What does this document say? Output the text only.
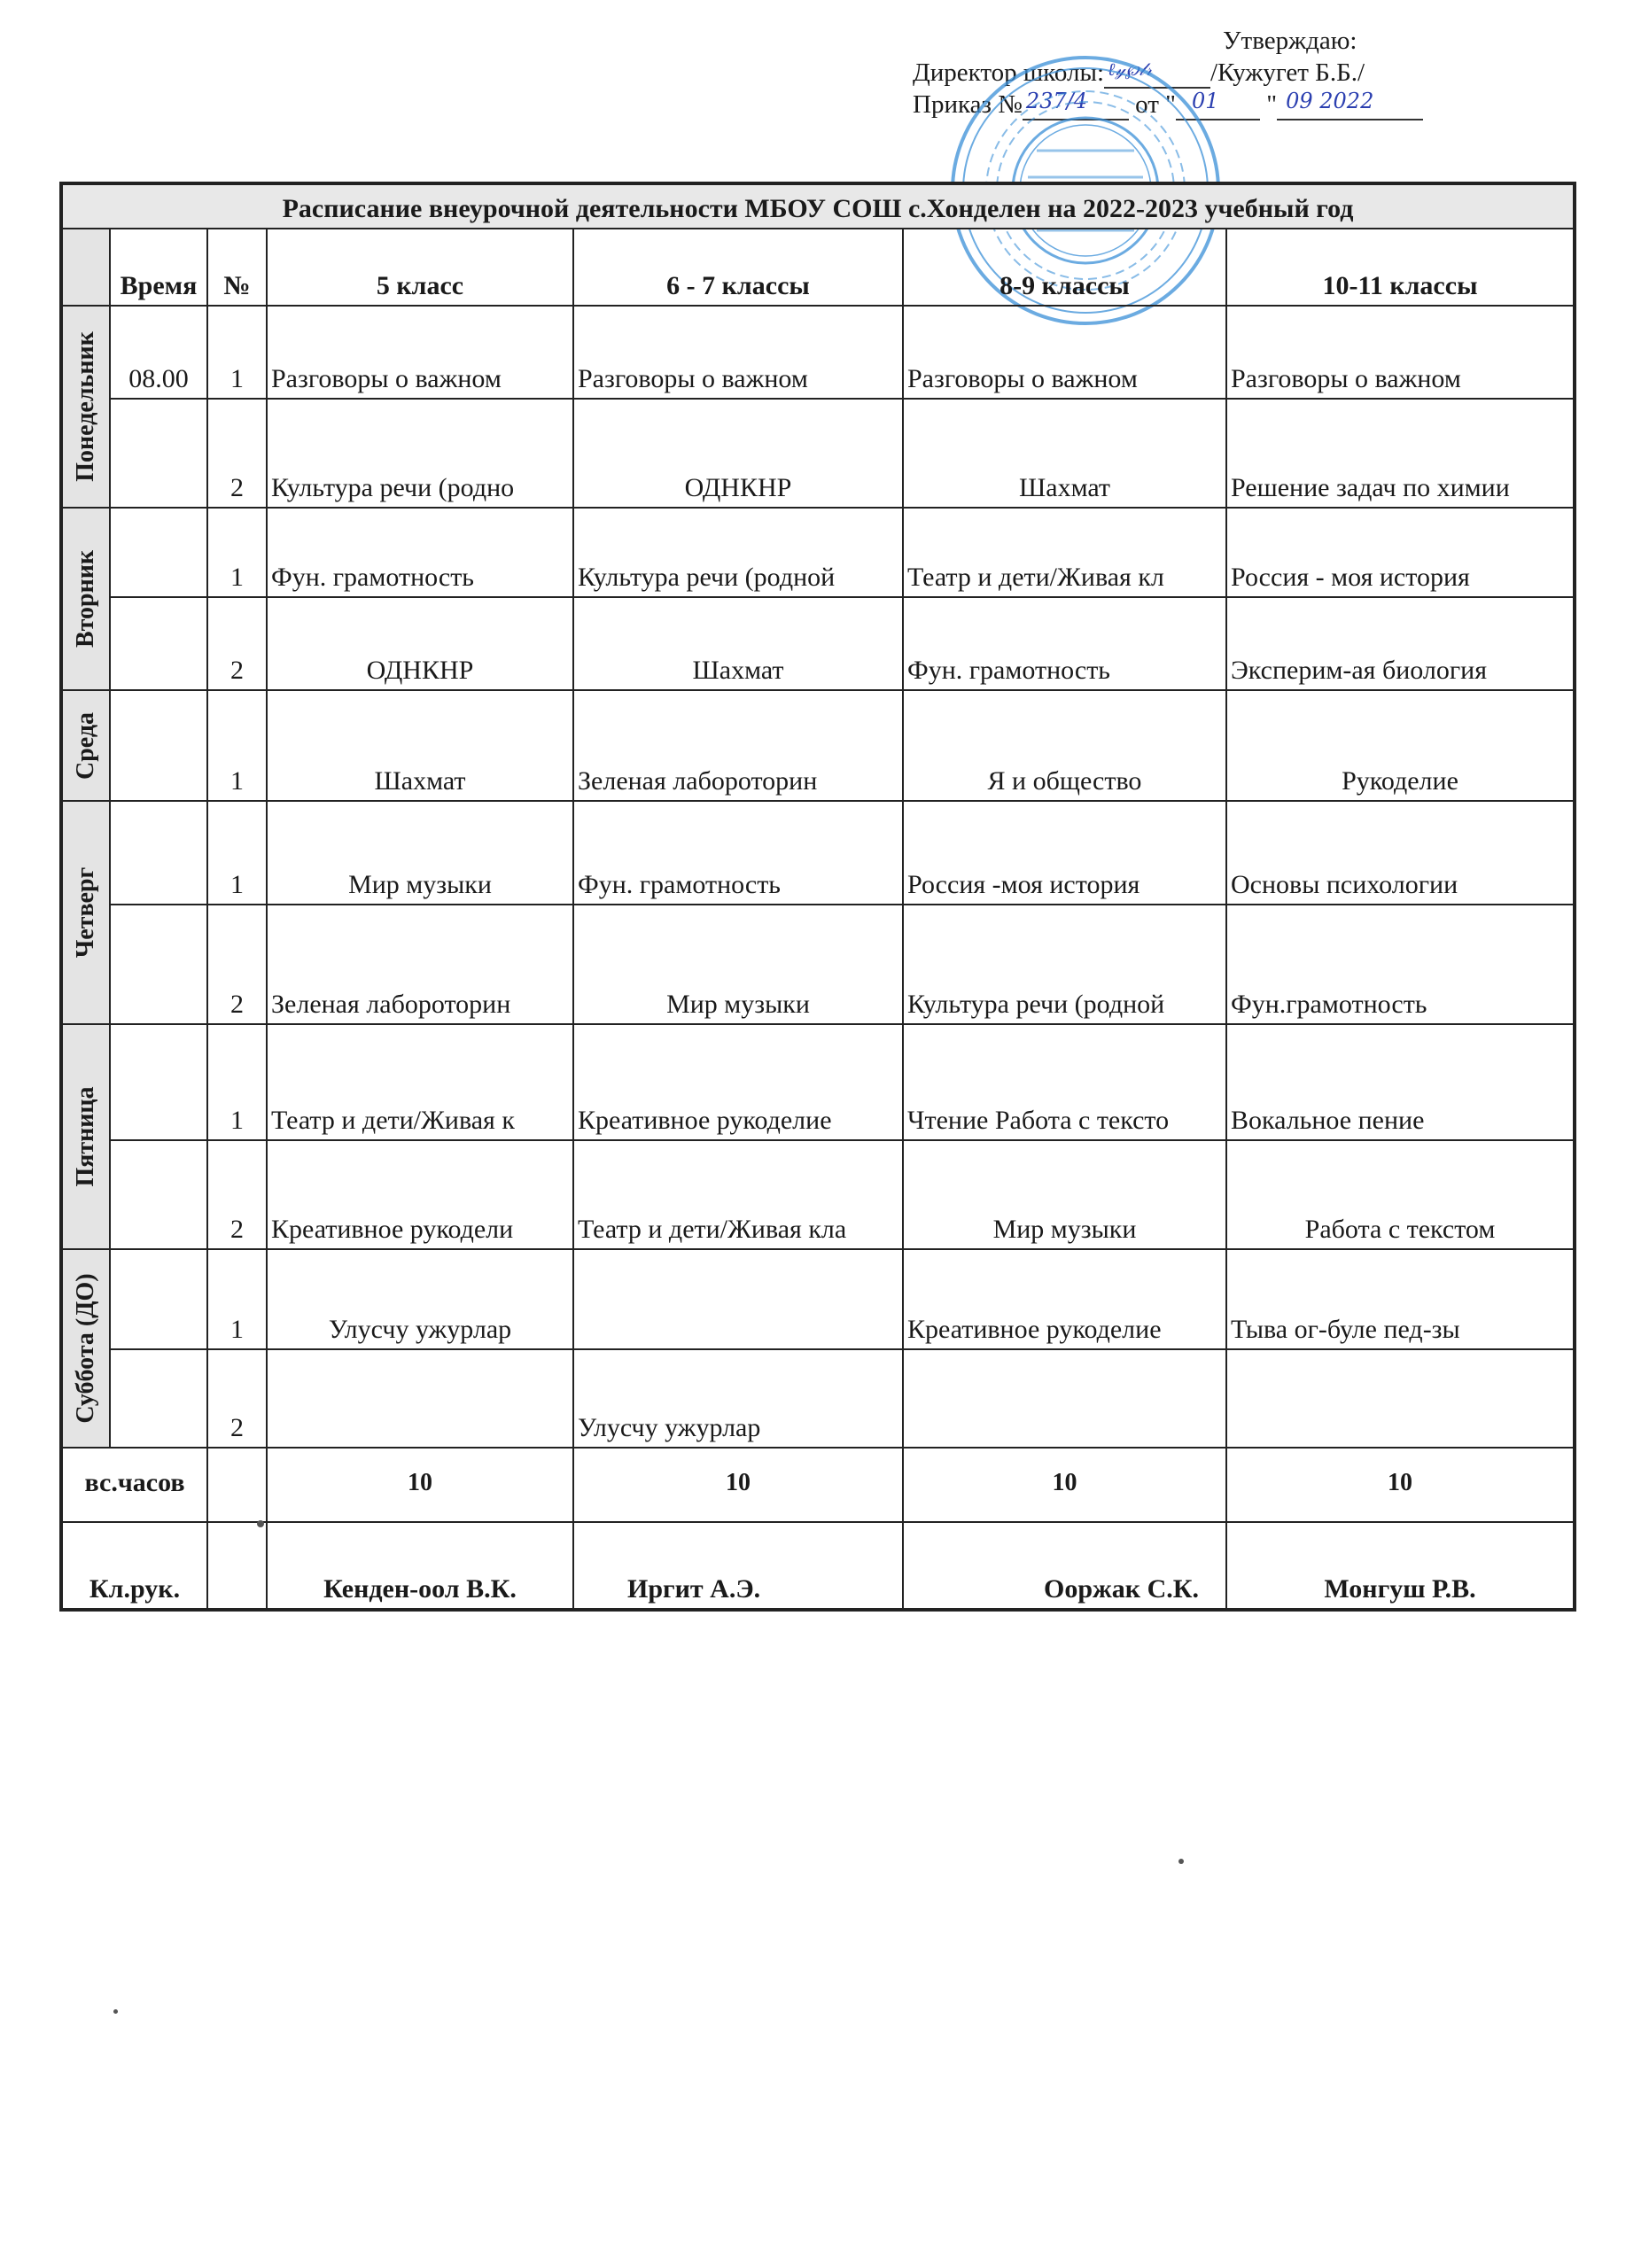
Утверждаю:
Директор школы: ℓ𝓎℘𝓁𝓇 /Кужугет Б.Б./
Приказ № 237/4 от " 01 " 09 2022
Расписание внеурочной деятельности МБОУ СОШ с.Хонделен на 2022-2023 учебный год						
	Время	№	5 класс	6 - 7 классы	8-9 классы	10-11 классы

Понедельник	08.00	1	Разговоры о важном	Разговоры о важном	Разговоры о важном	Разговоры о важном
		2	Культура речи (родно	ОДНКНР	Шахмат	Решение задач по химии

Вторник		1	Фун. грамотность	Культура речи (родной	Театр и дети/Живая кл	Россия - моя история
		2	ОДНКНР	Шахмат	Фун. грамотность	Эксперим-ая биология

Среда		1	Шахмат	Зеленая лабороторин	Я и общество	Рукоделие

Четверг		1	Мир музыки	Фун. грамотность	Россия -моя история	Основы психологии
		2	Зеленая лабороторин	Мир музыки	Культура речи (родной	Фун.грамотность

Пятница		1	Театр и дети/Живая к	Креативное рукоделие	Чтение Работа с тексто	Вокальное пение
		2	Креативное рукодели	Театр и дети/Живая кла	Мир музыки	Работа с текстом

Суббота (ДО)		1	Улусчу ужурлар		Креативное рукоделие	Тыва ог-буле пед-зы
		2		Улусчу ужурлар		
вс.часов			10	10	10	10
Кл.рук.			Кенден-оол В.К.	Иргит А.Э.	Ооржак С.К.	Монгуш Р.В.
